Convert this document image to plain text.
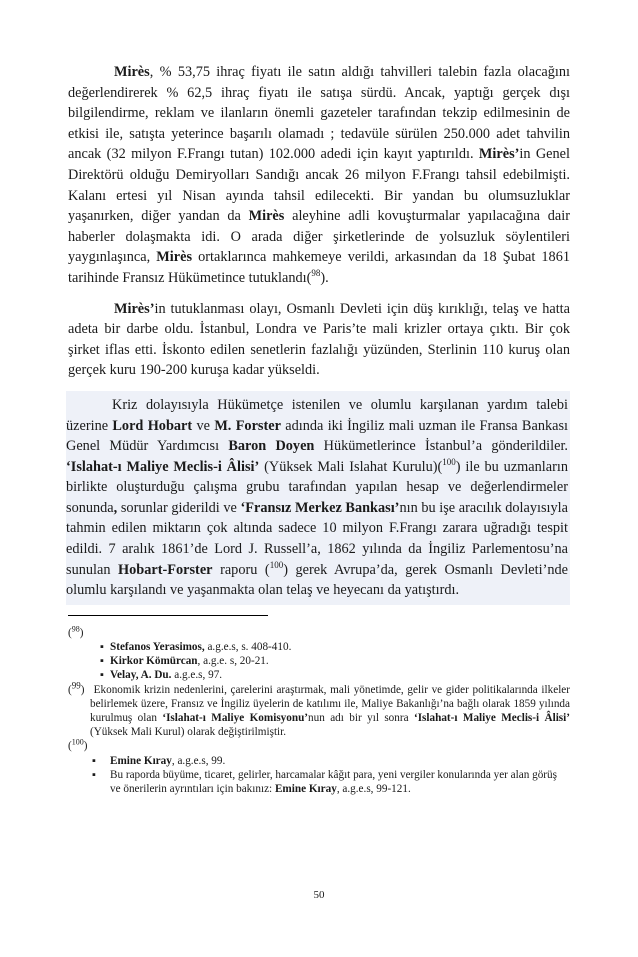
Mirès, % 53,75 ihraç fiyatı ile satın aldığı tahvilleri talebin fazla olacağını değerlendirerek % 62,5 ihraç fiyatı ile satışa sürdü. Ancak, yaptığı gerçek dışı bilgilendirme, reklam ve ilanların önemli gazeteler tarafından tekzip edilmesinin de etkisi ile, satışta yeterince başarılı olamadı ; tedavüle sürülen 250.000 adet tahvilin ancak (32 milyon F.Frangı tutan) 102.000 adedi için kayıt yaptırıldı. Mirès’in Genel Direktörü olduğu Demiryolları Sandığı ancak 26 milyon F.Frangı tahsil edebilmişti. Kalanı ertesi yıl Nisan ayında tahsil edilecekti. Bir yandan bu olumsuzluklar yaşanırken, diğer yandan da Mirès aleyhine adli kovuşturmalar yapılacağına dair haberler dolaşmakta idi. O arada diğer şirketlerinde de yolsuzluk söylentileri yaygınlaşınca, Mirès ortaklarınca mahkemeye verildi, arkasından da 18 Şubat 1861 tarihinde Fransız Hükümetince tutuklandı($^{98}$).

Mirès’in tutuklanması olayı, Osmanlı Devleti için düş kırıklığı, telaş ve hatta adeta bir darbe oldu. İstanbul, Londra ve Paris’te mali krizler ortaya çıktı. Bir çok şirket iflas etti. İskonto edilen senetlerin fazlalığı yüzünden, Sterlinin 110 kuruş olan gerçek kuru 190-200 kuruşa kadar yükseldi.

Kriz dolayısıyla Hükümetçe istenilen ve olumlu karşılanan yardım talebi üzerine Lord Hobart ve M. Forster adında iki İngiliz mali uzman ile Fransa Bankası Genel Müdür Yardımcısı Baron Doyen Hükümetlerince İstanbul’a gönderildiler. ‘Islahat-ı Maliye Meclis-i Âlisi’ (Yüksek Mali Islahat Kurulu)($^{100}$) ile bu uzmanların birlikte oluşturduğu çalışma grubu tarafından yapılan hesap ve değerlendirmeler sonunda, sorunlar giderildi ve ‘Fransız Merkez Bankası’nın bu işe aracılık dolayısıyla tahmin edilen miktarın çok altında sadece 10 milyon F.Frangı zarara uğradığı tespit edildi. 7 aralık 1861’de Lord J. Russell’a, 1862 yılında da İngiliz Parlementosu’na sunulan Hobart-Forster raporu ($^{100}$) gerek Avrupa’da, gerek Osmanlı Devleti’nde olumlu karşılandı ve yaşanmakta olan telaş ve heyecanı da yatıştırdı.

($^{98}$)
▪ Stefanos Yerasimos, a.g.e.s, s. 408-410.
▪ Kirkor Kömürcan, a.g.e. s, 20-21.
▪ Velay, A. Du. a.g.e.s, 97.

($^{99}$) Ekonomik krizin nedenlerini, çarelerini araştırmak, mali yönetimde, gelir ve gider politikalarında ilkeler belirlemek üzere, Fransız ve İngiliz üyelerin de katılımı ile, Maliye Bakanlığı’na bağlı olarak 1859 yılında kurulmuş olan ‘Islahat-ı Maliye Komisyonu’nun adı bir yıl sonra ‘Islahat-ı Maliye Meclis-i Âlisi’ (Yüksek Mali Kurul) olarak değiştirilmiştir.

($^{100}$)
▪ Emine Kıray, a.g.e.s, 99.
▪ Bu raporda büyüme, ticaret, gelirler, harcamalar kâğıt para, yeni vergiler konularında yer alan görüş ve önerilerin ayrıntıları için bakınız: Emine Kıray, a.g.e.s, 99-121.
50
